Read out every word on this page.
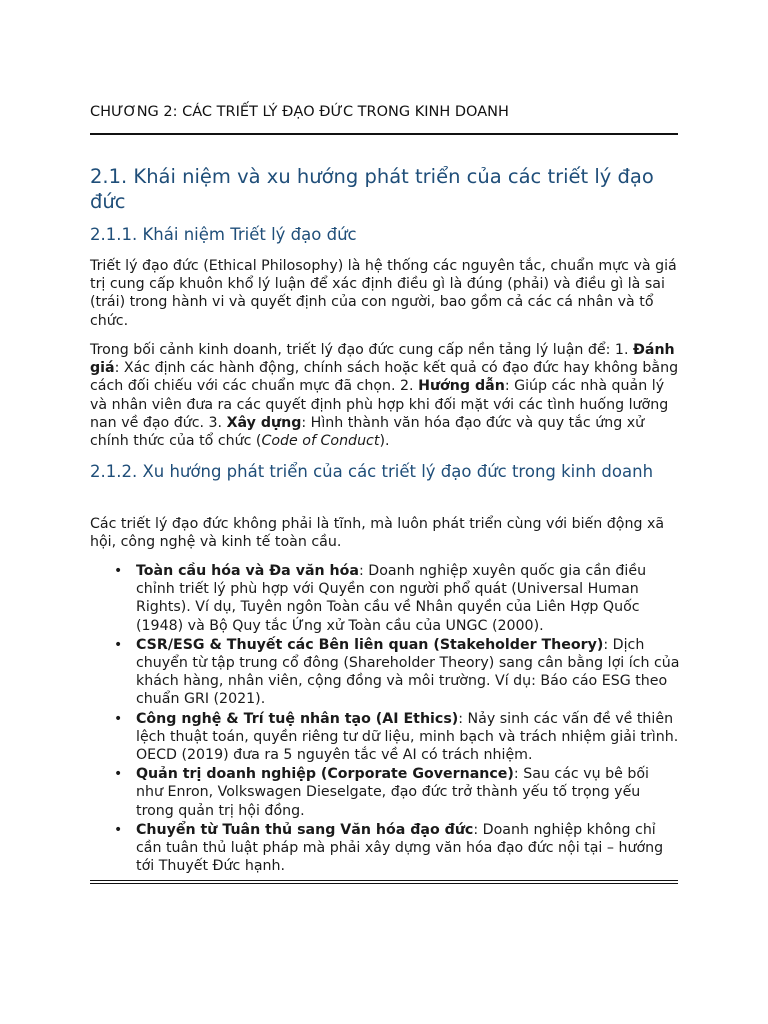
CHƯƠNG 2: CÁC TRIẾT LÝ ĐẠO ĐỨC TRONG KINH DOANH
2.1. Khái niệm và xu hướng phát triển của các triết lý đạo đức
2.1.1. Khái niệm Triết lý đạo đức
Triết lý đạo đức (Ethical Philosophy) là hệ thống các nguyên tắc, chuẩn mực và giá trị cung cấp khuôn khổ lý luận để xác định điều gì là đúng (phải) và điều gì là sai (trái) trong hành vi và quyết định của con người, bao gồm cả các cá nhân và tổ chức.
Trong bối cảnh kinh doanh, triết lý đạo đức cung cấp nền tảng lý luận để: 1. Đánh giá: Xác định các hành động, chính sách hoặc kết quả có đạo đức hay không bằng cách đối chiếu với các chuẩn mực đã chọn. 2. Hướng dẫn: Giúp các nhà quản lý và nhân viên đưa ra các quyết định phù hợp khi đối mặt với các tình huống lưỡng nan về đạo đức. 3. Xây dựng: Hình thành văn hóa đạo đức và quy tắc ứng xử chính thức của tổ chức (Code of Conduct).
2.1.2. Xu hướng phát triển của các triết lý đạo đức trong kinh doanh
Các triết lý đạo đức không phải là tĩnh, mà luôn phát triển cùng với biến động xã hội, công nghệ và kinh tế toàn cầu.
• Toàn cầu hóa và Đa văn hóa: Doanh nghiệp xuyên quốc gia cần điều chỉnh triết lý phù hợp với Quyền con người phổ quát (Universal Human Rights). Ví dụ, Tuyên ngôn Toàn cầu về Nhân quyền của Liên Hợp Quốc (1948) và Bộ Quy tắc Ứng xử Toàn cầu của UNGC (2000).
• CSR/ESG & Thuyết các Bên liên quan (Stakeholder Theory): Dịch chuyển từ tập trung cổ đông (Shareholder Theory) sang cân bằng lợi ích của khách hàng, nhân viên, cộng đồng và môi trường. Ví dụ: Báo cáo ESG theo chuẩn GRI (2021).
• Công nghệ & Trí tuệ nhân tạo (AI Ethics): Nảy sinh các vấn đề về thiên lệch thuật toán, quyền riêng tư dữ liệu, minh bạch và trách nhiệm giải trình. OECD (2019) đưa ra 5 nguyên tắc về AI có trách nhiệm.
• Quản trị doanh nghiệp (Corporate Governance): Sau các vụ bê bối như Enron, Volkswagen Dieselgate, đạo đức trở thành yếu tố trọng yếu trong quản trị hội đồng.
• Chuyển từ Tuân thủ sang Văn hóa đạo đức: Doanh nghiệp không chỉ cần tuân thủ luật pháp mà phải xây dựng văn hóa đạo đức nội tại – hướng tới Thuyết Đức hạnh.
